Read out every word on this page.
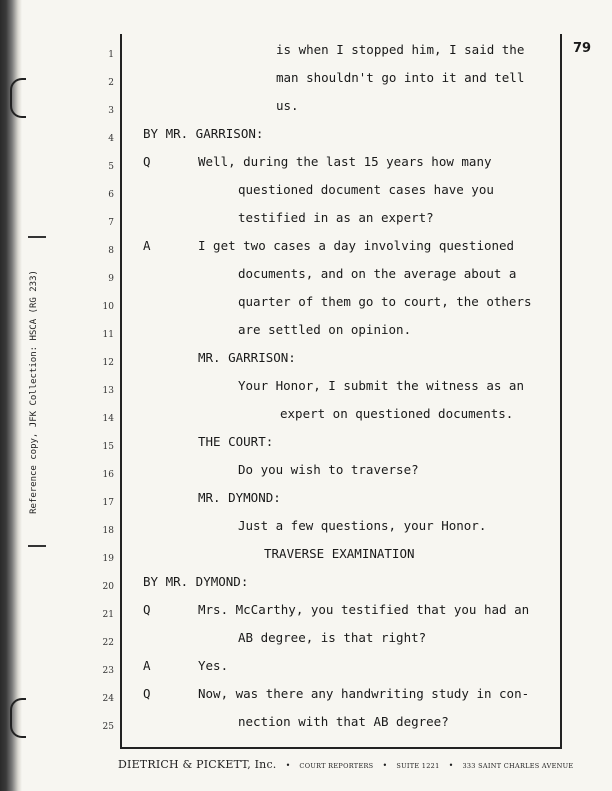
Reference copy, JFK Collection: HSCA (RG 233)
79
1
2
3
4
5
6
7
8
9
10
11
12
13
14
15
16
17
18
19
20
21
22
23
24
25
Q
A
Q
A
Q
is when I stopped him, I said the
man shouldn't go into it and tell
us.
BY MR. GARRISON:
Well, during the last 15 years how many
questioned document cases have you
testified in as an expert?
I get two cases a day involving questioned
documents, and on the average about a
quarter of them go to court, the others
are settled on opinion.
MR. GARRISON:
Your Honor, I submit the witness as an
expert on questioned documents.
THE COURT:
Do you wish to traverse?
MR. DYMOND:
Just a few questions, your Honor.
TRAVERSE EXAMINATION
BY MR. DYMOND:
Mrs. McCarthy, you testified that you had an
AB degree, is that right?
Yes.
Now, was there any handwriting study in con-
nection with that AB degree?
DIETRICH & PICKETT, Inc. • COURT REPORTERS • SUITE 1221 • 333 SAINT CHARLES AVENUE
